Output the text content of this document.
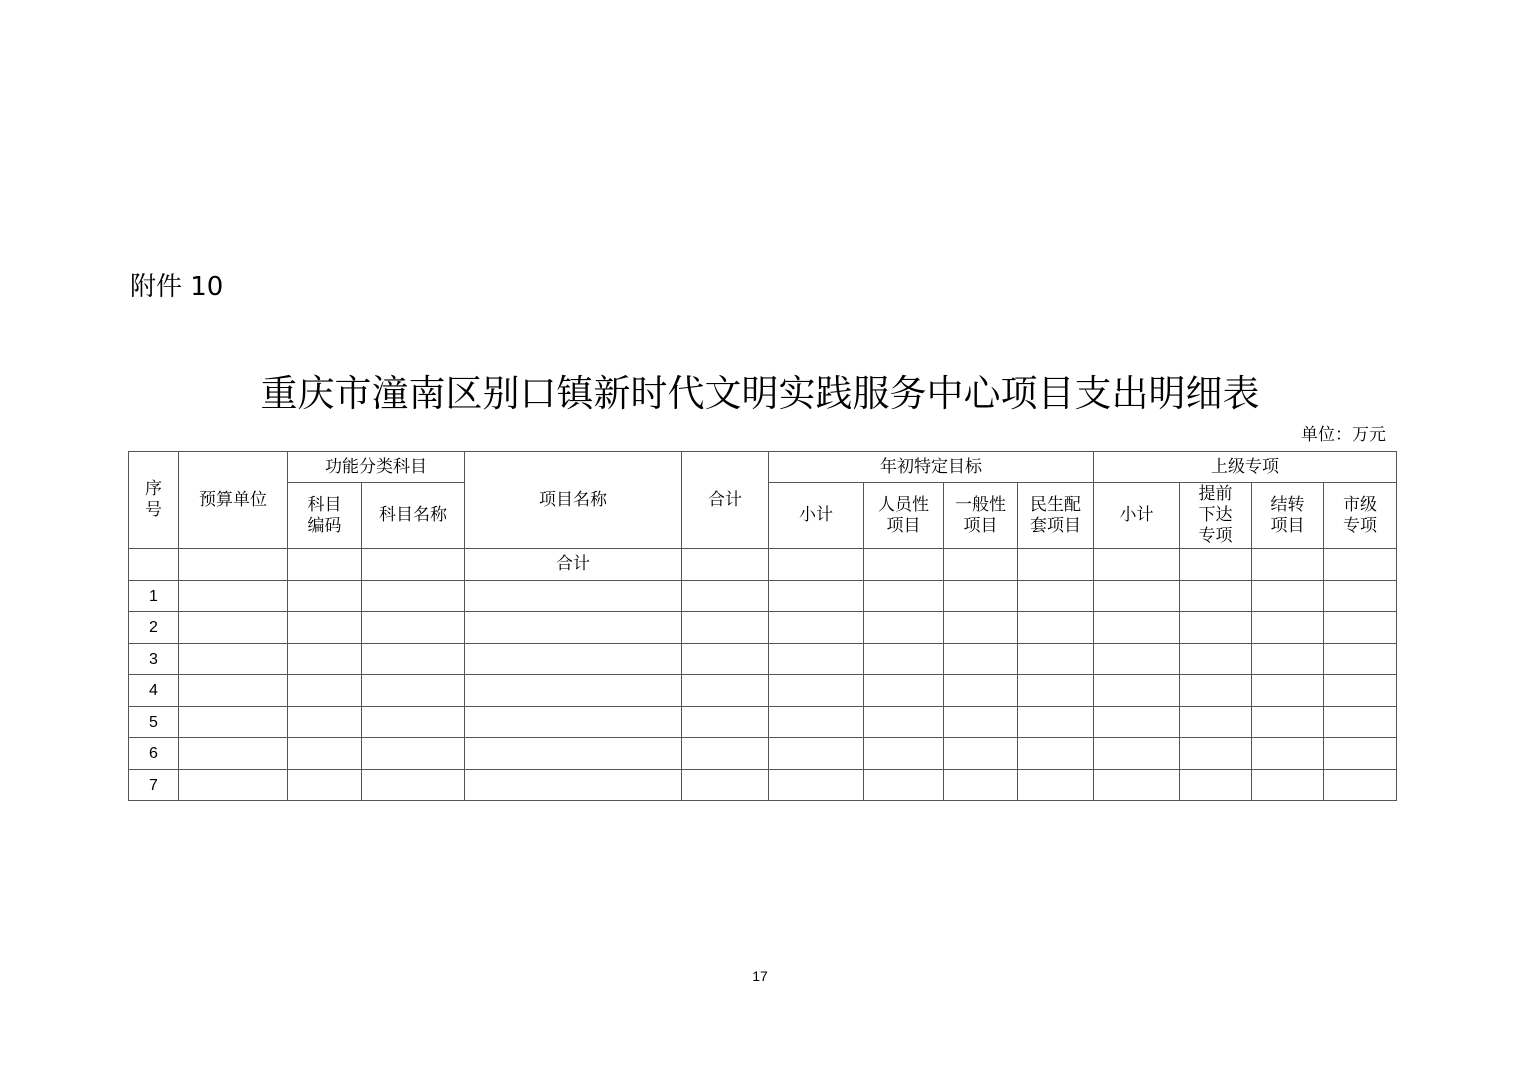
附件 10
重庆市潼南区别口镇新时代文明实践服务中心项目支出明细表
单位：万元
序号	预算单位	功能分类科目		项目名称	合计	年初特定目标				上级专项			

		科目编码	科目名称			小计	人员性项目	一般性项目	民生配套项目	小计	提前下达专项	结转项目	市级专项

				合计									
1													
2													
3													
4													
5													
6													
7													
17
